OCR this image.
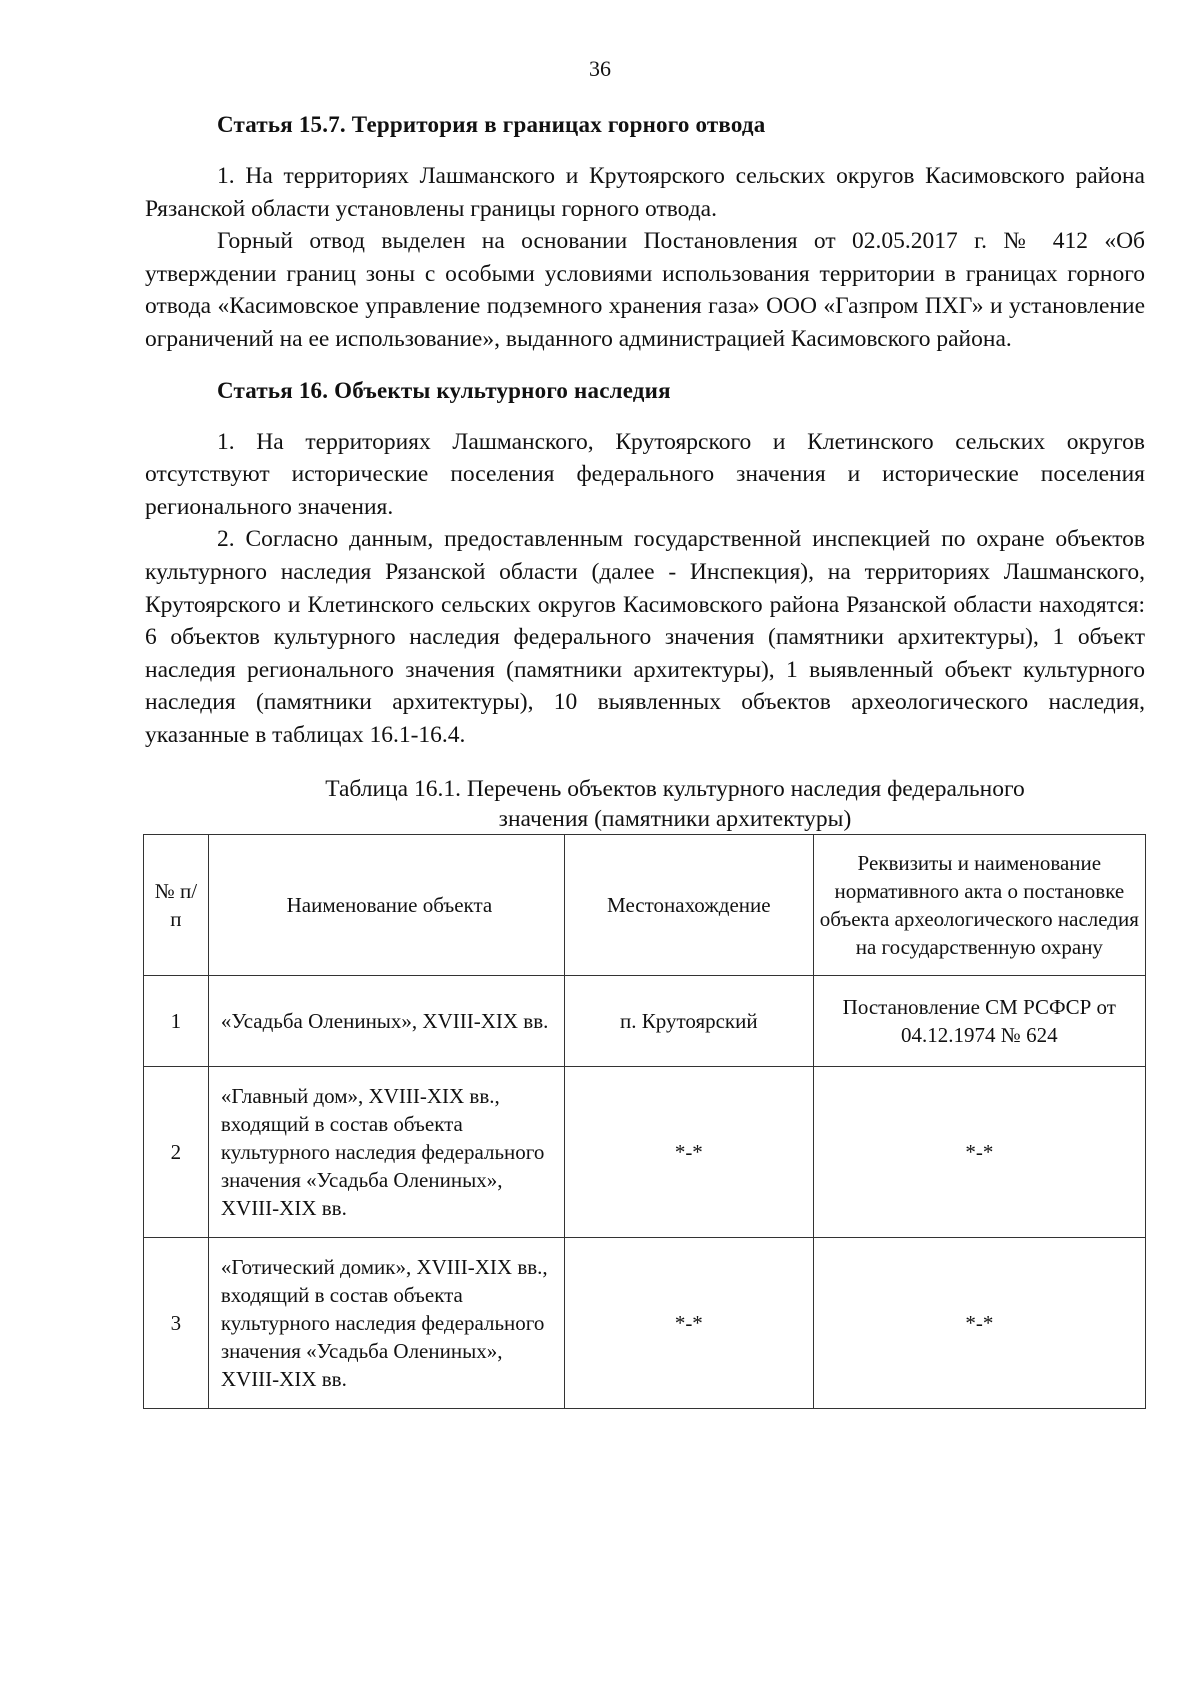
36
Статья 15.7. Территория в границах горного отвода

1. На территориях Лашманского и Крутоярского сельских округов Касимовского района Рязанской области установлены границы горного отвода.

Горный отвод выделен на основании Постановления от 02.05.2017 г. № 412 «Об утверждении границ зоны с особыми условиями использования территории в границах горного отвода «Касимовское управление подземного хранения газа» ООО «Газпром ПХГ» и установление ограничений на ее использование», выданного администрацией Касимовского района.

Статья 16. Объекты культурного наследия

1. На территориях Лашманского, Крутоярского и Клетинского сельских округов отсутствуют исторические поселения федерального значения и исторические поселения регионального значения.

2. Согласно данным, предоставленным государственной инспекцией по охране объектов культурного наследия Рязанской области (далее - Инспекция), на территориях Лашманского, Крутоярского и Клетинского сельских округов Касимовского района Рязанской области находятся: 6 объектов культурного наследия федерального значения (памятники архитектуры), 1 объект наследия регионального значения (памятники архитектуры), 1 выявленный объект культурного наследия (памятники архитектуры), 10 выявленных объектов археологического наследия, указанные в таблицах 16.1-16.4.

Таблица 16.1. Перечень объектов культурного наследия федерального
значения (памятники архитектуры)
№ п/п	Наименование объекта	Местонахождение	Реквизиты и наименование нормативного акта о постановке объекта археологического наследия на государственную охрану
1	«Усадьба Олениных», XVIII-XIX вв.	п. Крутоярский	Постановление СМ РСФСР от 04.12.1974 № 624
2	«Главный дом», XVIII-XIX вв., входящий в состав объекта культурного наследия федерального значения «Усадьба Олениных», XVIII-XIX вв.	*-*	*-*
3	«Готический домик», XVIII-XIX вв., входящий в состав объекта культурного наследия федерального значения «Усадьба Олениных», XVIII-XIX вв.	*-*	*-*
